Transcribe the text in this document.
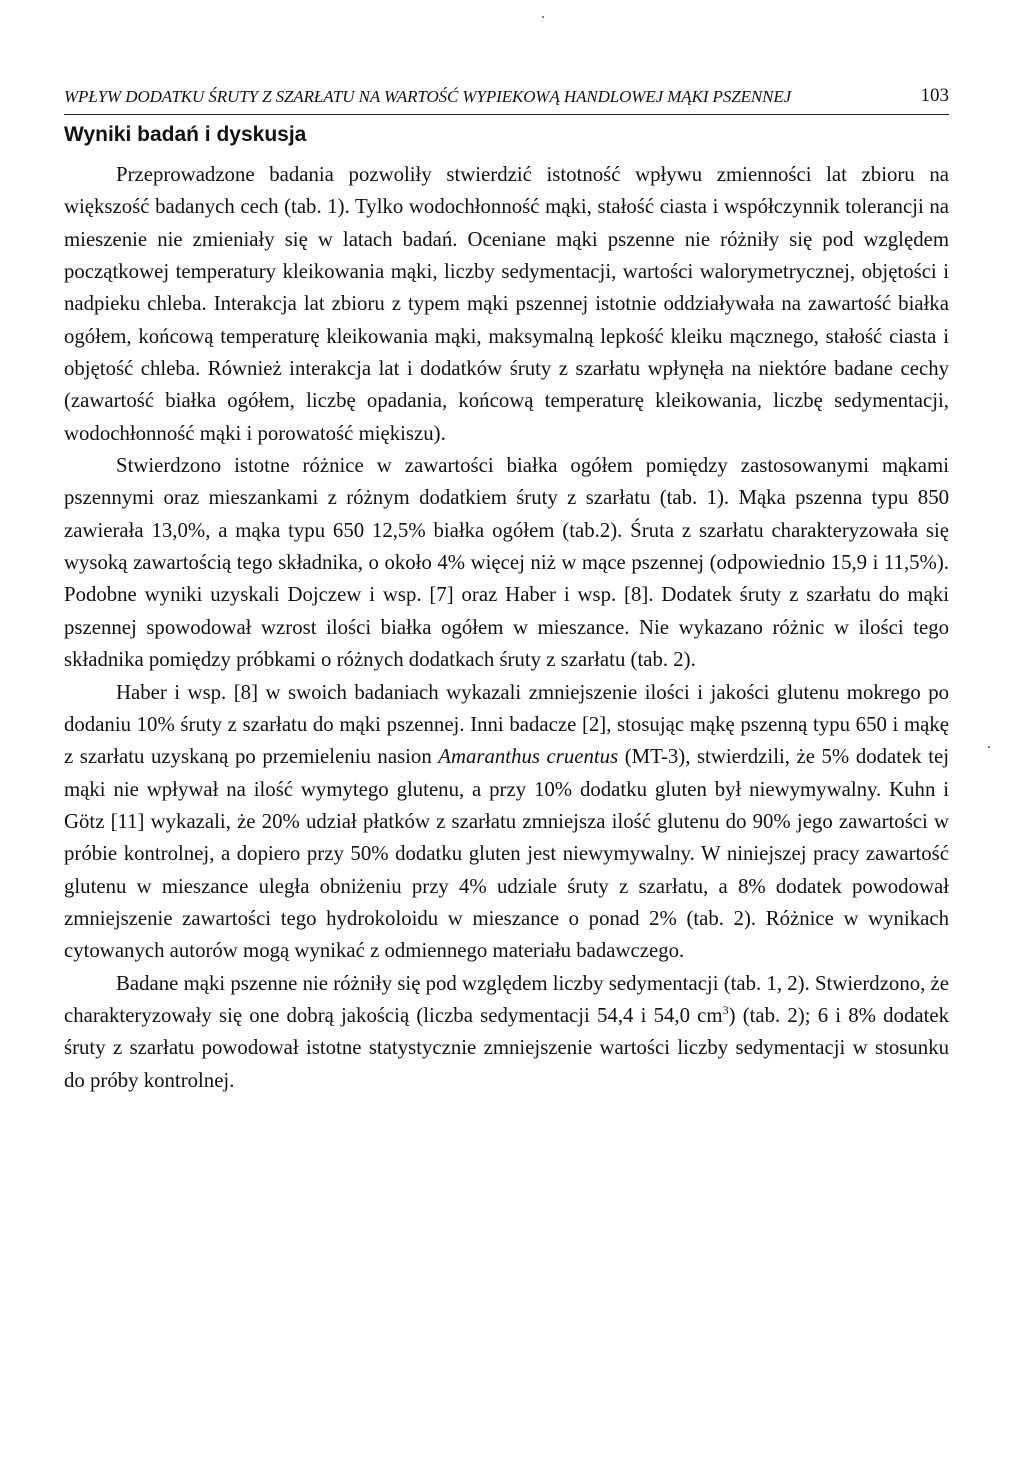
WPŁYW DODATKU ŚRUTY Z SZARŁATU NA WARTOŚĆ WYPIEKOWĄ HANDLOWEJ MĄKI PSZENNEJ	103
Wyniki badań i dyskusja

Przeprowadzone badania pozwoliły stwierdzić istotność wpływu zmienności lat zbioru na większość badanych cech (tab. 1). Tylko wodochłonność mąki, stałość ciasta i współczynnik tolerancji na mieszenie nie zmieniały się w latach badań. Oceniane mąki pszenne nie różniły się pod względem początkowej temperatury kleikowania mąki, liczby sedymentacji, wartości walorymetrycznej, objętości i nadpieku chleba. Interakcja lat zbioru z typem mąki pszennej istotnie oddziaływała na zawartość białka ogółem, końcową temperaturę kleikowania mąki, maksymalną lepkość kleiku mącznego, stałość ciasta i objętość chleba. Również interakcja lat i dodatków śruty z szarłatu wpłynęła na niektóre badane cechy (zawartość białka ogółem, liczbę opadania, końcową temperaturę kleikowania, liczbę sedymentacji, wodochłonność mąki i porowatość miękiszu).

Stwierdzono istotne różnice w zawartości białka ogółem pomiędzy zastosowanymi mąkami pszennymi oraz mieszankami z różnym dodatkiem śruty z szarłatu (tab. 1). Mąka pszenna typu 850 zawierała 13,0%, a mąka typu 650 12,5% białka ogółem (tab.2). Śruta z szarłatu charakteryzowała się wysoką zawartością tego składnika, o około 4% więcej niż w mące pszennej (odpowiednio 15,9 i 11,5%). Podobne wyniki uzyskali Dojczew i wsp. [7] oraz Haber i wsp. [8]. Dodatek śruty z szarłatu do mąki pszennej spowodował wzrost ilości białka ogółem w mieszance. Nie wykazano różnic w ilości tego składnika pomiędzy próbkami o różnych dodatkach śruty z szarłatu (tab. 2).

Haber i wsp. [8] w swoich badaniach wykazali zmniejszenie ilości i jakości glutenu mokrego po dodaniu 10% śruty z szarłatu do mąki pszennej. Inni badacze [2], stosując mąkę pszenną typu 650 i mąkę z szarłatu uzyskaną po przemieleniu nasion Amaranthus cruentus (MT-3), stwierdzili, że 5% dodatek tej mąki nie wpływał na ilość wymytego glutenu, a przy 10% dodatku gluten był niewymywalny. Kuhn i Götz [11] wykazali, że 20% udział płatków z szarłatu zmniejsza ilość glutenu do 90% jego zawartości w próbie kontrolnej, a dopiero przy 50% dodatku gluten jest niewymywalny. W niniejszej pracy zawartość glutenu w mieszance uległa obniżeniu przy 4% udziale śruty z szarłatu, a 8% dodatek powodował zmniejszenie zawartości tego hydrokoloidu w mieszance o ponad 2% (tab. 2). Różnice w wynikach cytowanych autorów mogą wynikać z odmiennego materiału badawczego.

Badane mąki pszenne nie różniły się pod względem liczby sedymentacji (tab. 1, 2). Stwierdzono, że charakteryzowały się one dobrą jakością (liczba sedymentacji 54,4 i 54,0 $cm^3$) (tab. 2); 6 i 8% dodatek śruty z szarłatu powodował istotne statystycznie zmniejszenie wartości liczby sedymentacji w stosunku do próby kontrolnej.
